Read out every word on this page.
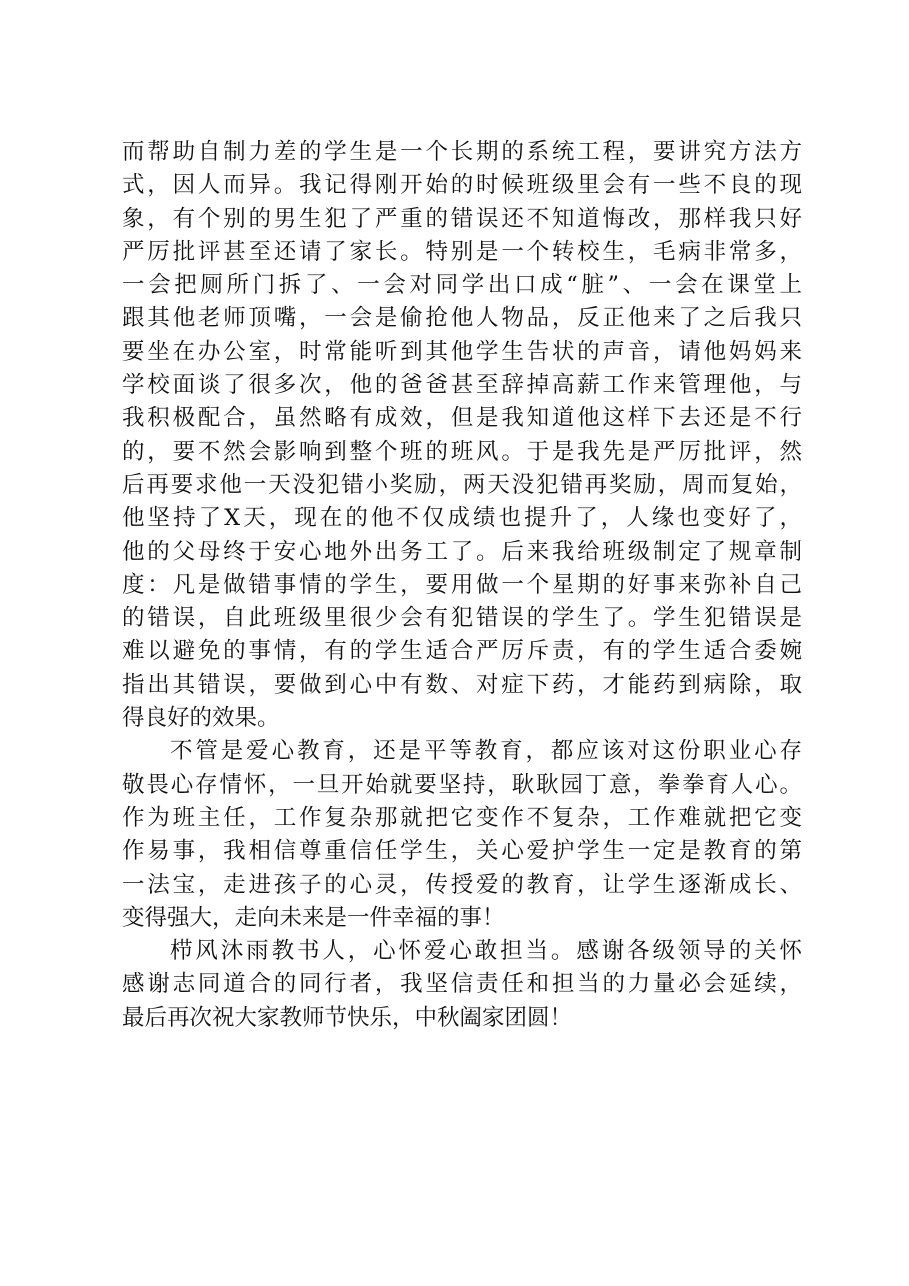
而帮助自制力差的学生是一个长期的系统工程，要讲究方法方
式，因人而异。我记得刚开始的时候班级里会有一些不良的现
象，有个别的男生犯了严重的错误还不知道悔改，那样我只好
严厉批评甚至还请了家长。特别是一个转校生，毛病非常多，
一会把厕所门拆了、一会对同学出口成“脏”、一会在课堂上
跟其他老师顶嘴，一会是偷抢他人物品，反正他来了之后我只
要坐在办公室，时常能听到其他学生告状的声音，请他妈妈来
学校面谈了很多次，他的爸爸甚至辞掉高薪工作来管理他，与
我积极配合，虽然略有成效，但是我知道他这样下去还是不行
的，要不然会影响到整个班的班风。于是我先是严厉批评，然
后再要求他一天没犯错小奖励，两天没犯错再奖励，周而复始，
他坚持了X天，现在的他不仅成绩也提升了，人缘也变好了，
他的父母终于安心地外出务工了。后来我给班级制定了规章制
度：凡是做错事情的学生，要用做一个星期的好事来弥补自己
的错误，自此班级里很少会有犯错误的学生了。学生犯错误是
难以避免的事情，有的学生适合严厉斥责，有的学生适合委婉
指出其错误，要做到心中有数、对症下药，才能药到病除，取
得良好的效果。
不管是爱心教育，还是平等教育，都应该对这份职业心存
敬畏心存情怀，一旦开始就要坚持，耿耿园丁意，拳拳育人心。
作为班主任，工作复杂那就把它变作不复杂，工作难就把它变
作易事，我相信尊重信任学生，关心爱护学生一定是教育的第
一法宝，走进孩子的心灵，传授爱的教育，让学生逐渐成长、
变得强大，走向未来是一件幸福的事！
栉风沐雨教书人，心怀爱心敢担当。感谢各级领导的关怀
感谢志同道合的同行者，我坚信责任和担当的力量必会延续，
最后再次祝大家教师节快乐，中秋阖家团圆！
